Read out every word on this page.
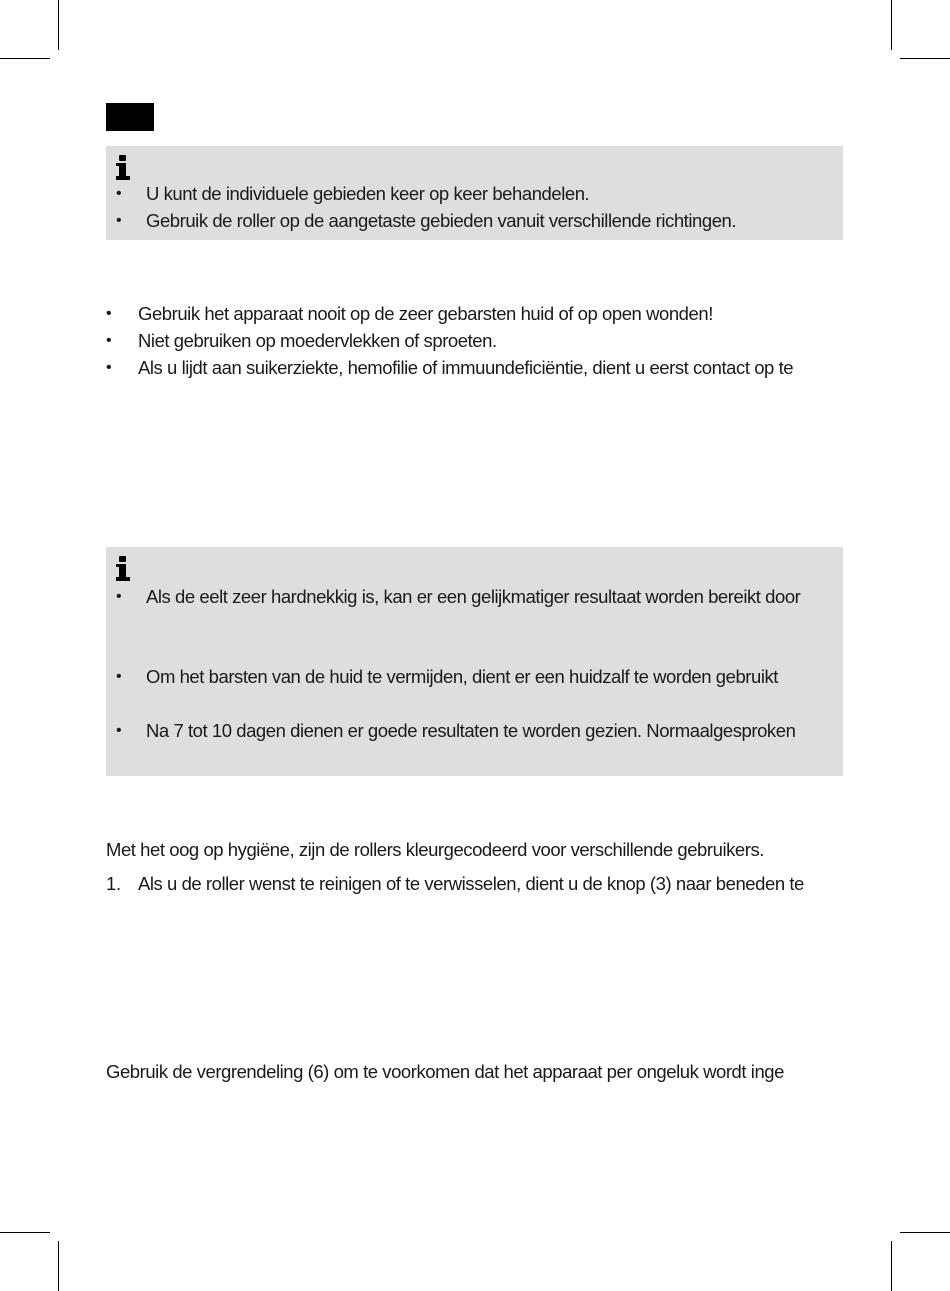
• U kunt de individuele gebieden keer op keer behandelen.
• Gebruik de roller op de aangetaste gebieden vanuit verschillende richtingen.
• Gebruik het apparaat nooit op de zeer gebarsten huid of op open wonden!
• Niet gebruiken op moedervlekken of sproeten.
• Als u lijdt aan suikerziekte, hemofilie of immuundeficiëntie, dient u eerst contact op te
• Als de eelt zeer hardnekkig is, kan er een gelijkmatiger resultaat worden bereikt door
• Om het barsten van de huid te vermijden, dient er een huidzalf te worden gebruikt
• Na 7 tot 10 dagen dienen er goede resultaten te worden gezien. Normaalgesproken
Met het oog op hygiëne, zijn de rollers kleurgecodeerd voor verschillende gebruikers.
1. Als u de roller wenst te reinigen of te verwisselen, dient u de knop (3) naar beneden te
Gebruik de vergrendeling (6) om te voorkomen dat het apparaat per ongeluk wordt inge
